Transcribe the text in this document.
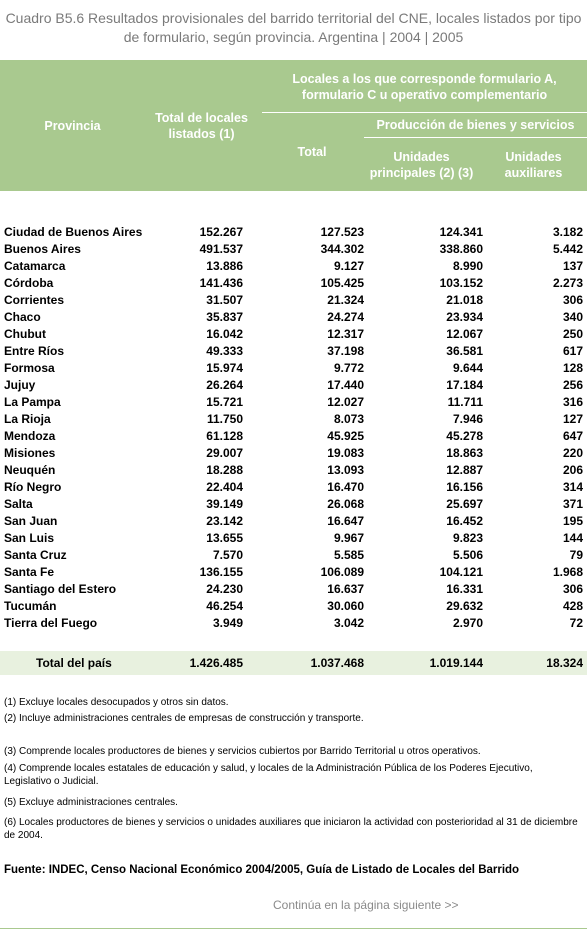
Cuadro B5.6 Resultados provisionales del barrido territorial del CNE, locales listados por tipo de formulario, según provincia. Argentina | 2004 | 2005
Provincia
Total de locales listados (1)
Locales a los que corresponde formulario A, formulario C u operativo complementario
Total
Producción de bienes y servicios
Unidades principales (2) (3)
Unidades auxiliares
Ciudad de Buenos Aires	152.267	127.523	124.341	3.182
Buenos Aires	491.537	344.302	338.860	5.442
Catamarca	13.886	9.127	8.990	137
Córdoba	141.436	105.425	103.152	2.273
Corrientes	31.507	21.324	21.018	306
Chaco	35.837	24.274	23.934	340
Chubut	16.042	12.317	12.067	250
Entre Ríos	49.333	37.198	36.581	617
Formosa	15.974	9.772	9.644	128
Jujuy	26.264	17.440	17.184	256
La Pampa	15.721	12.027	11.711	316
La Rioja	11.750	8.073	7.946	127
Mendoza	61.128	45.925	45.278	647
Misiones	29.007	19.083	18.863	220
Neuquén	18.288	13.093	12.887	206
Río Negro	22.404	16.470	16.156	314
Salta	39.149	26.068	25.697	371
San Juan	23.142	16.647	16.452	195
San Luis	13.655	9.967	9.823	144
Santa Cruz	7.570	5.585	5.506	79
Santa Fe	136.155	106.089	104.121	1.968
Santiago del Estero	24.230	16.637	16.331	306
Tucumán	46.254	30.060	29.632	428
Tierra del Fuego	3.949	3.042	2.970	72
Total del país	1.426.485	1.037.468	1.019.144	18.324
(1) Excluye locales desocupados y otros sin datos.
(2) Incluye administraciones centrales de empresas de construcción y transporte.
(3) Comprende locales productores de bienes y servicios cubiertos por Barrido Territorial u otros operativos.
(4) Comprende locales estatales de educación y salud, y locales de la Administración Pública de los Poderes Ejecutivo, Legislativo o Judicial.
(5) Excluye administraciones centrales.
(6) Locales productores de bienes y servicios o unidades auxiliares que iniciaron la actividad con posterioridad al 31 de diciembre de 2004.
Fuente: INDEC, Censo Nacional Económico 2004/2005, Guía de Listado de Locales del Barrido
Continúa en la página siguiente >>
